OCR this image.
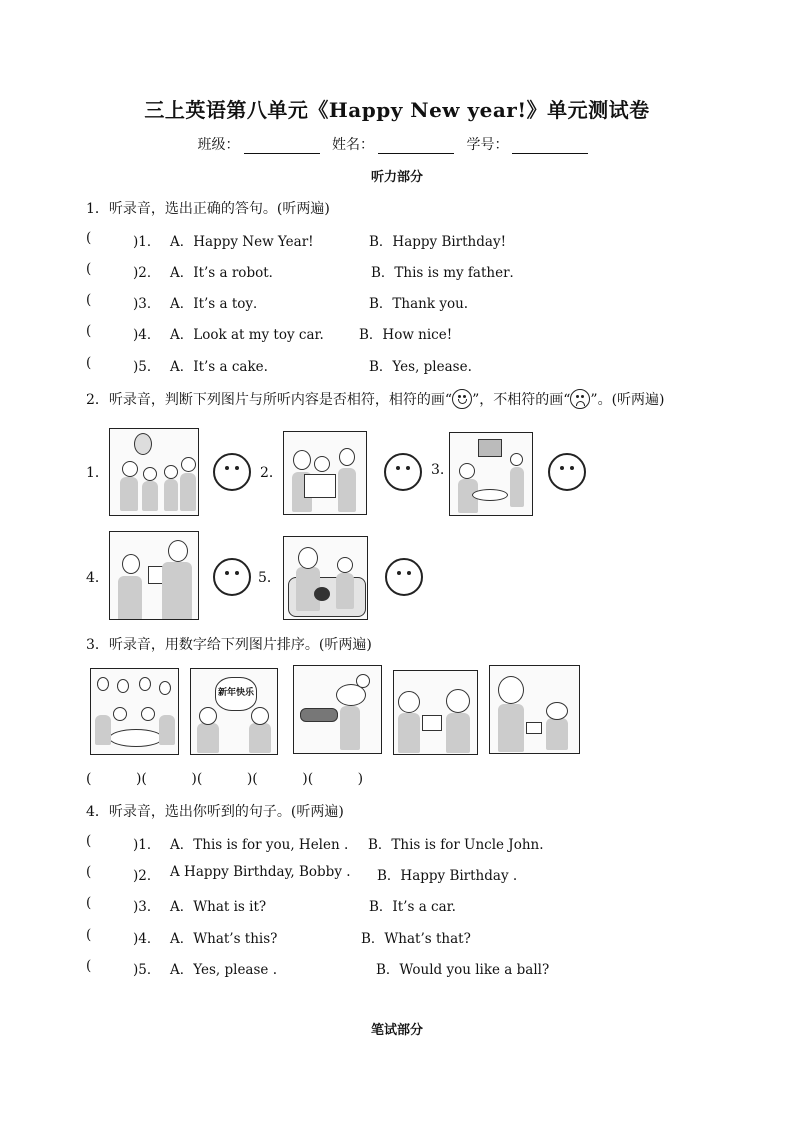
三上英语第八单元《Happy New year!》单元测试卷
班级：	姓名：	学号：
听力部分
1．听录音，选出正确的答句。(听两遍)
(	)1． A．Happy New Year!	B．Happy Birthday!
(	)2． A．It’s a robot．	B．This is my father．
(	)3． A．It’s a toy．	B．Thank you.
(	)4． A．Look at my toy car.	B．How nice!
(	)5． A．It’s a cake.	B．Yes, please.
2．听录音，判断下列图片与所听内容是否相符，相符的画“ ”，不相符的画“ ”。(听两遍)
1．	2．	3.
4．	5．
3．听录音，用数字给下列图片排序。(听两遍)
新年快乐
(          )(          )(          )(          )(          )
4．听录音，选出你听到的句子。(听两遍)
(	)1． A．This is for you, Helen . B．This is for Uncle John.
(	)2． A Happy Birthday, Bobby . B．Happy Birthday .
(	)3． A．What is it?	B．It’s a car.
(	)4． A．What’s this?	B．What’s that?
(	)5． A．Yes, please .	B．Would you like a ball?
笔试部分
